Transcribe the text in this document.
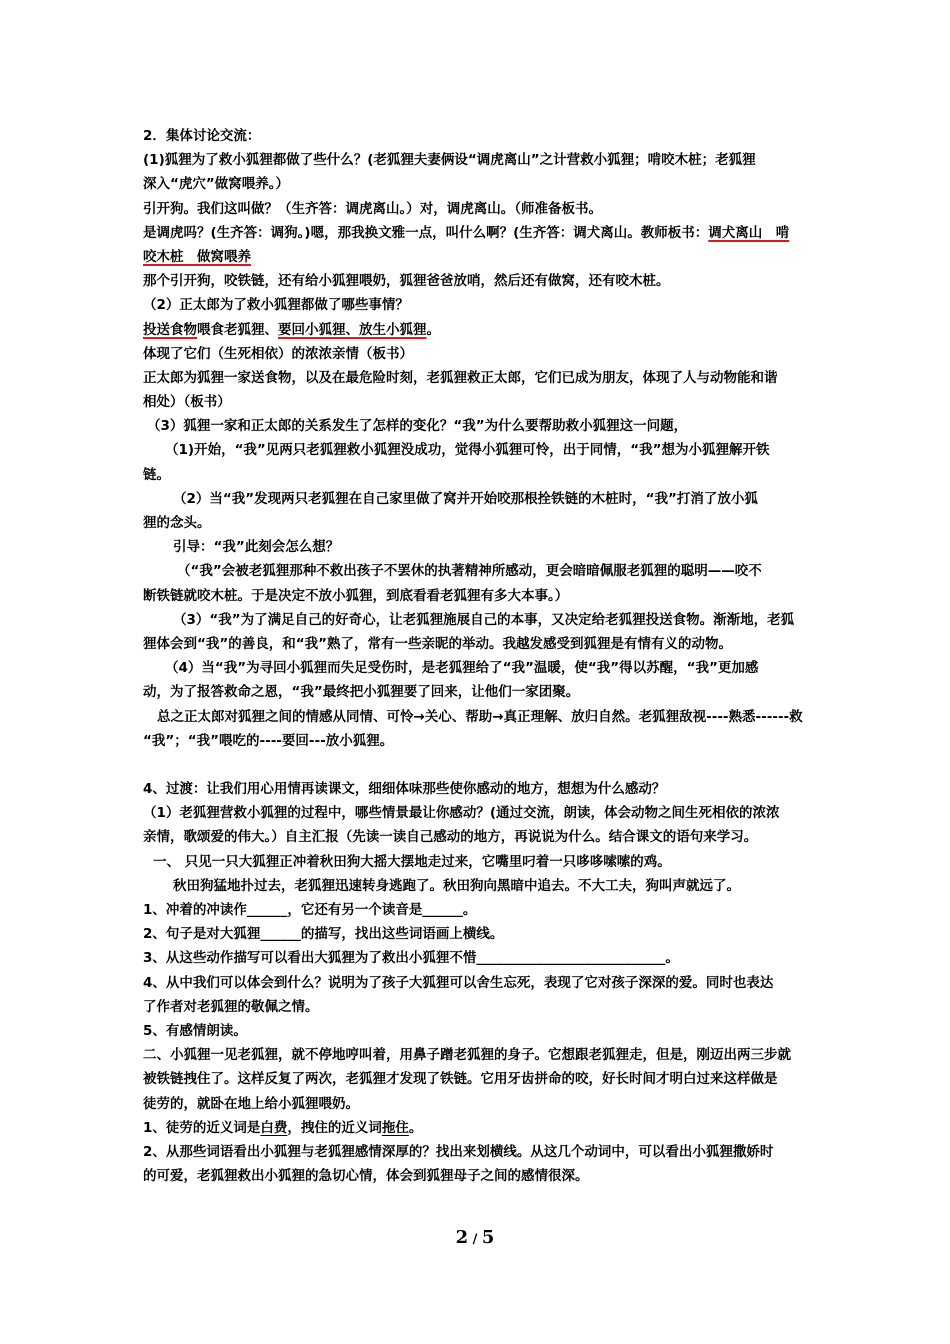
2．集体讨论交流：
(1)狐狸为了救小狐狸都做了些什么？(老狐狸夫妻俩设“调虎离山”之计营救小狐狸；啃咬木桩；老狐狸
深入“虎穴”做窝喂养。）
引开狗。我们这叫做？（生齐答：调虎离山。）对，调虎离山。（师准备板书。
是调虎吗？(生齐答：调狗。)嗯，那我换文雅一点，叫什么啊？(生齐答：调犬离山。教师板书：调犬离山　啃
咬木桩　做窝喂养
那个引开狗，咬铁链，还有给小狐狸喂奶，狐狸爸爸放哨，然后还有做窝，还有咬木桩。
（2）正太郎为了救小狐狸都做了哪些事情？
投送食物喂食老狐狸、要回小狐狸、放生小狐狸。
体现了它们（生死相依）的浓浓亲情（板书）
正太郎为狐狸一家送食物，以及在最危险时刻，老狐狸救正太郎，它们已成为朋友，体现了人与动物能和谐
相处）（板书）
（3）狐狸一家和正太郎的关系发生了怎样的变化？“我”为什么要帮助救小狐狸这一问题，
（1)开始，“我”见两只老狐狸救小狐狸没成功，觉得小狐狸可怜，出于同情，“我”想为小狐狸解开铁
链。
（2）当“我”发现两只老狐狸在自己家里做了窝并开始咬那根拴铁链的木桩时，“我”打消了放小狐
狸的念头。
引导：“我”此刻会怎么想？
（“我”会被老狐狸那种不救出孩子不罢休的执著精神所感动，更会暗暗佩服老狐狸的聪明——咬不
断铁链就咬木桩。于是决定不放小狐狸，到底看看老狐狸有多大本事。）
（3）“我”为了满足自己的好奇心，让老狐狸施展自己的本事，又决定给老狐狸投送食物。渐渐地，老狐
狸体会到“我”的善良，和“我”熟了，常有一些亲昵的举动。我越发感受到狐狸是有情有义的动物。
（4）当“我”为寻回小狐狸而失足受伤时，是老狐狸给了“我”温暖，使“我”得以苏醒，“我”更加感
动，为了报答救命之恩，“我”最终把小狐狸要了回来，让他们一家团聚。
总之正太郎对狐狸之间的情感从同情、可怜→关心、帮助→真正理解、放归自然。老狐狸敌视----熟悉------救
“我”；“我”喂吃的----要回---放小狐狸。
4、过渡：让我们用心用情再读课文，细细体味那些使你感动的地方，想想为什么感动？
（1）老狐狸营救小狐狸的过程中，哪些情景最让你感动？(通过交流，朗读，体会动物之间生死相依的浓浓
亲情，歌颂爱的伟大。）自主汇报（先读一读自己感动的地方，再说说为什么。结合课文的语句来学习。
一、 只见一只大狐狸正冲着秋田狗大摇大摆地走过来，它嘴里叼着一只哆哆嗦嗦的鸡。
秋田狗猛地扑过去，老狐狸迅速转身逃跑了。秋田狗向黑暗中追去。不大工夫，狗叫声就远了。
1、冲着的冲读作______，它还有另一个读音是______。
2、句子是对大狐狸______的描写，找出这些词语画上横线。
3、从这些动作描写可以看出大狐狸为了救出小狐狸不惜____________________________。
4、从中我们可以体会到什么？说明为了孩子大狐狸可以舍生忘死，表现了它对孩子深深的爱。同时也表达
了作者对老狐狸的敬佩之情。
5、有感情朗读。
二、小狐狸一见老狐狸，就不停地哼叫着，用鼻子蹭老狐狸的身子。它想跟老狐狸走，但是，刚迈出两三步就
被铁链拽住了。这样反复了两次，老狐狸才发现了铁链。它用牙齿拼命的咬，好长时间才明白过来这样做是
徒劳的，就卧在地上给小狐狸喂奶。
1、徒劳的近义词是白费，拽住的近义词拖住。
2、从那些词语看出小狐狸与老狐狸感情深厚的？找出来划横线。从这几个动词中，可以看出小狐狸撒娇时
的可爱，老狐狸救出小狐狸的急切心情，体会到狐狸母子之间的感情很深。
2 / 5
